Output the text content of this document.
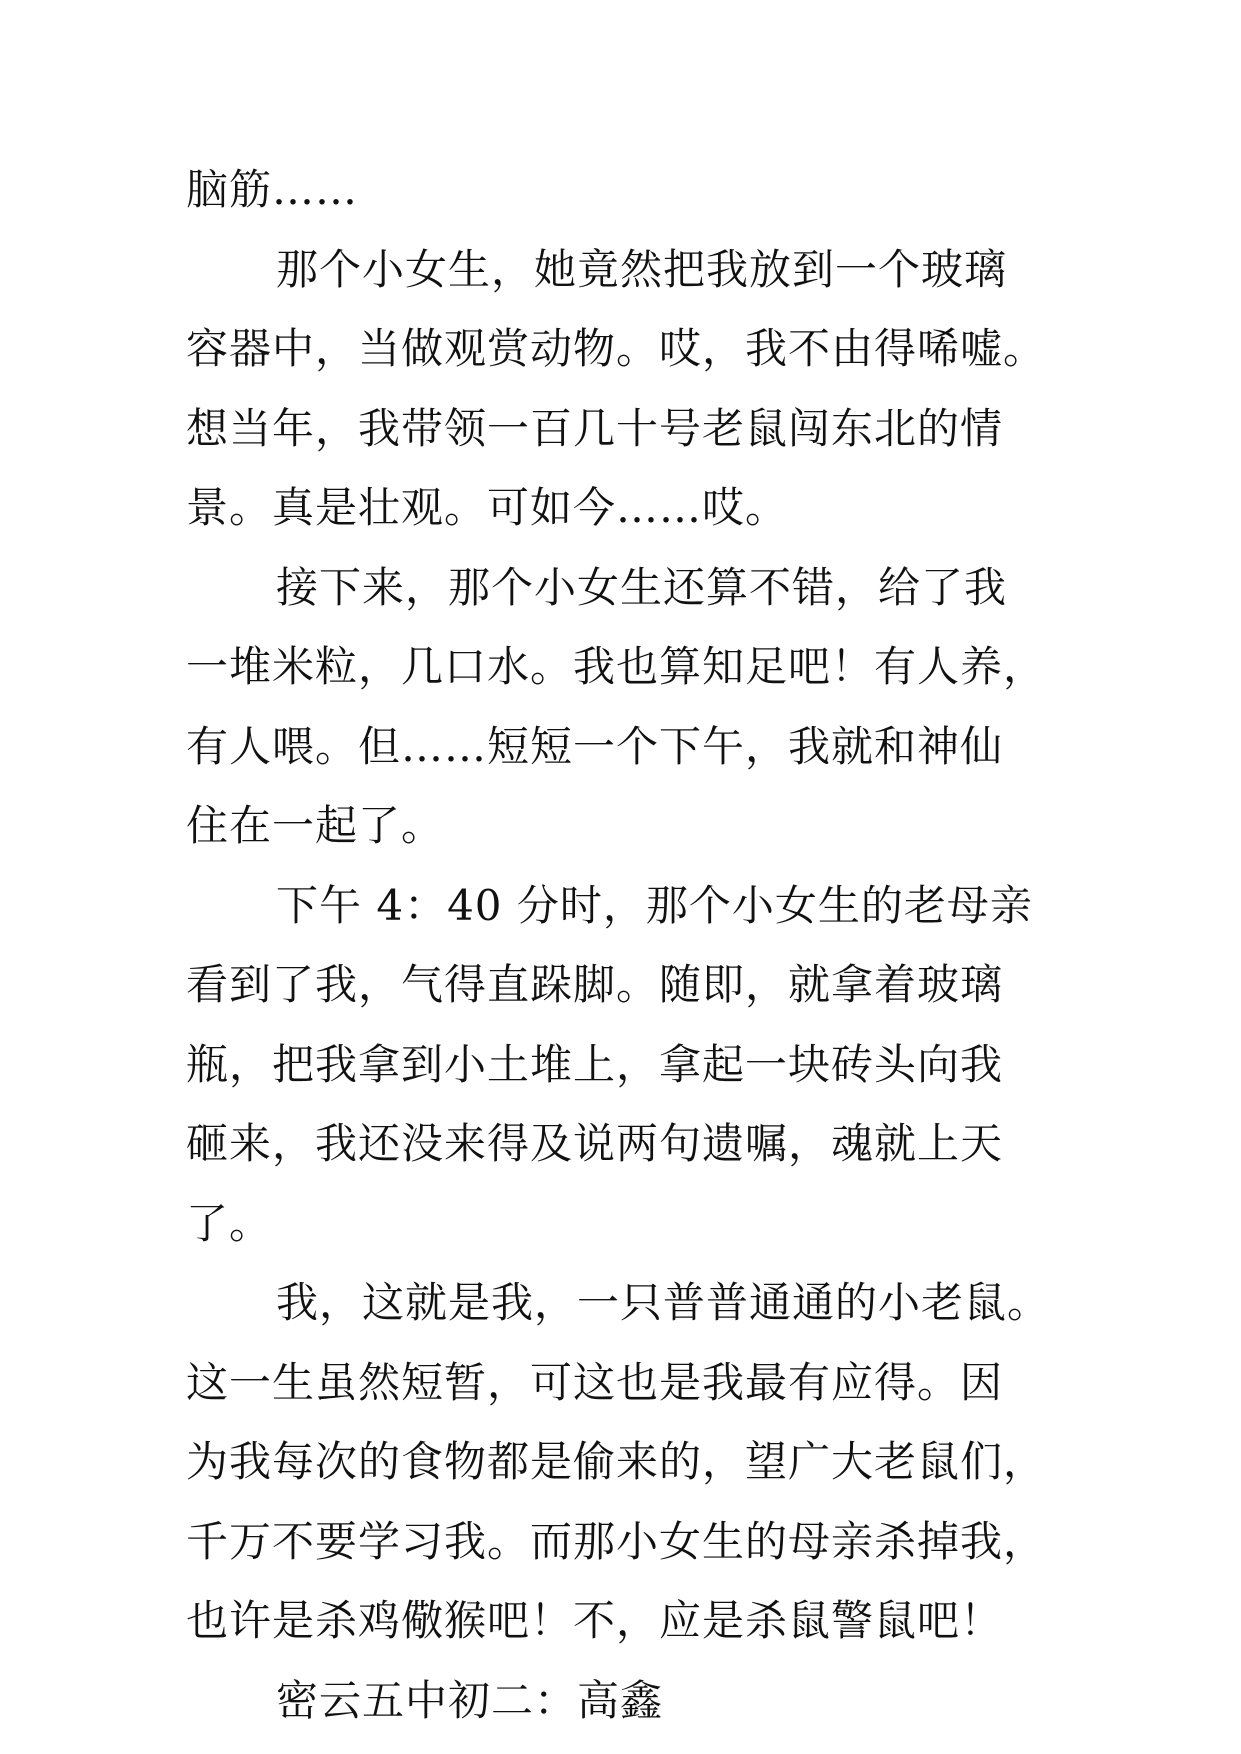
脑筋……
那个小女生，她竟然把我放到一个玻璃
容器中，当做观赏动物。哎，我不由得唏嘘。
想当年，我带领一百几十号老鼠闯东北的情
景。真是壮观。可如今……哎。
接下来，那个小女生还算不错，给了我
一堆米粒，几口水。我也算知足吧！有人养，
有人喂。但……短短一个下午，我就和神仙
住在一起了。
下午 4：40 分时，那个小女生的老母亲
看到了我，气得直跺脚。随即，就拿着玻璃
瓶，把我拿到小土堆上，拿起一块砖头向我
砸来，我还没来得及说两句遗嘱，魂就上天
了。
我，这就是我，一只普普通通的小老鼠。
这一生虽然短暂，可这也是我最有应得。因
为我每次的食物都是偷来的，望广大老鼠们，
千万不要学习我。而那小女生的母亲杀掉我，
也许是杀鸡儆猴吧！不，应是杀鼠警鼠吧！
密云五中初二：高鑫
